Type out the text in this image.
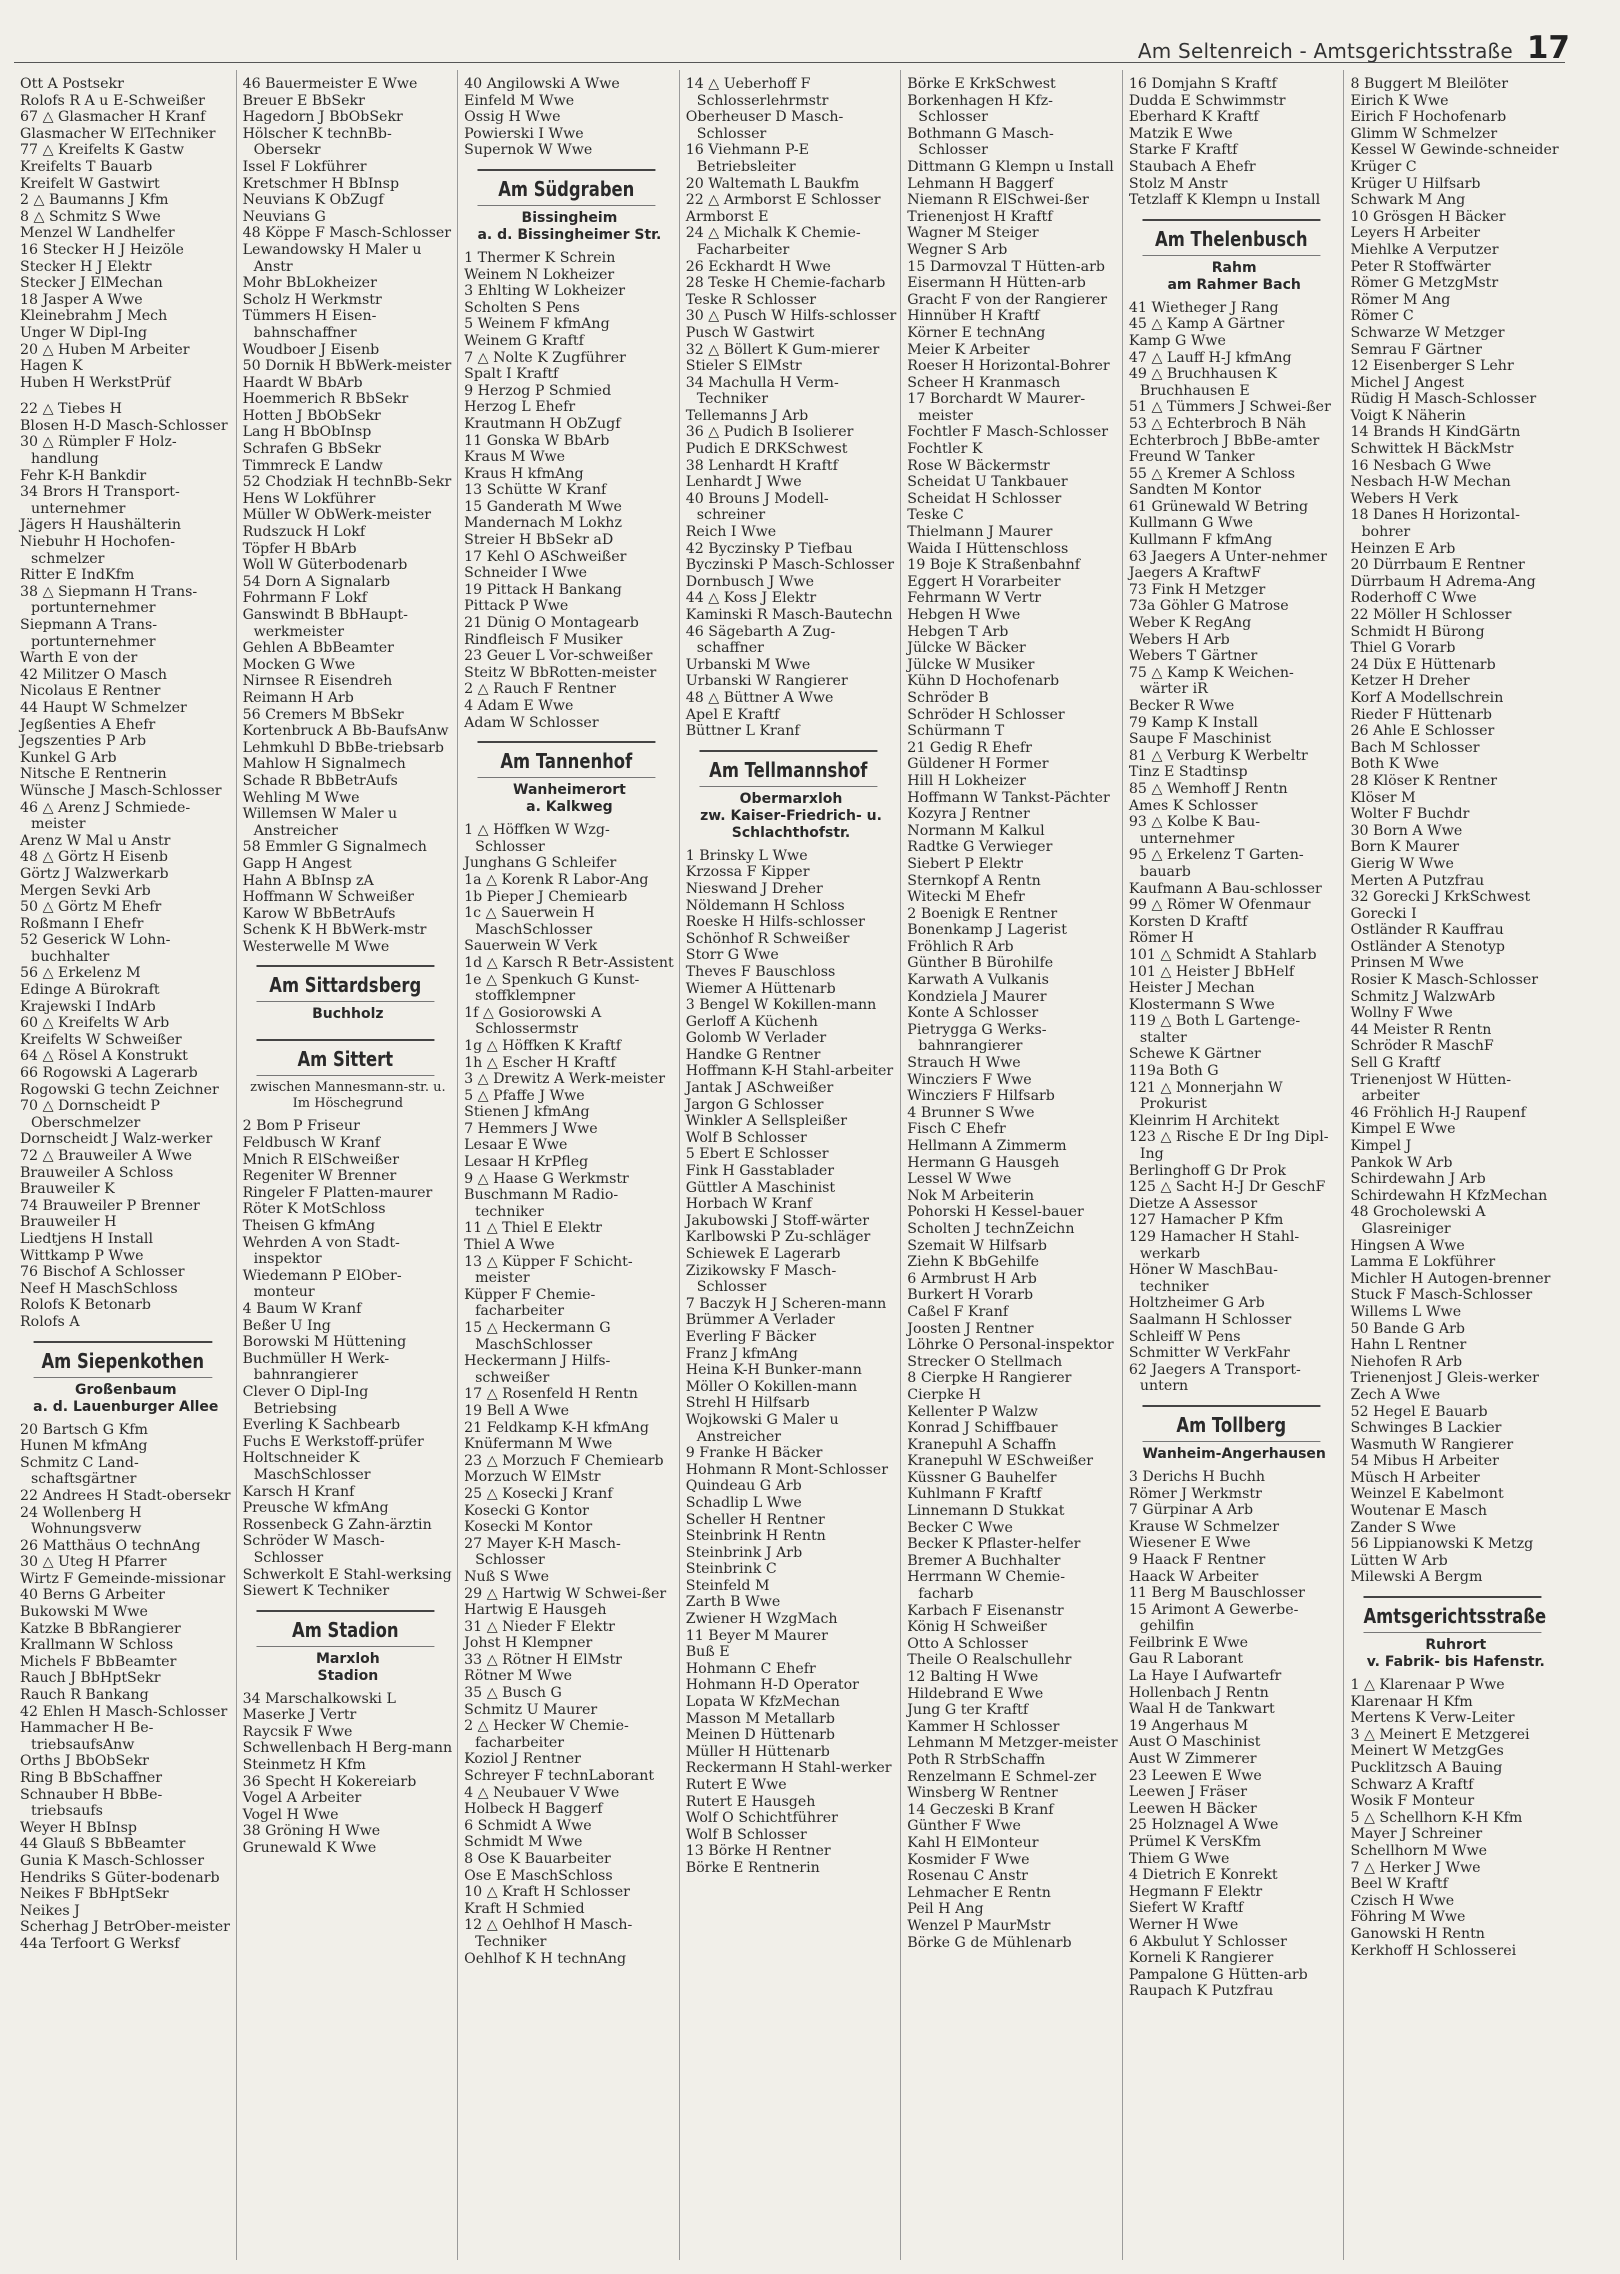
Am Seltenreich - Amtsgerichtsstraße 17
Ott A Postsekr
Rolofs R A u E-Schweißer
67 △ Glasmacher H Kranf
Glasmacher W ElTechniker
77 △ Kreifelts K Gastw
Kreifelts T Bauarb
Kreifelt W Gastwirt
2 △ Baumanns J Kfm
8 △ Schmitz S Wwe
Menzel W Landhelfer
16 Stecker H J Heizöle
Stecker H J Elektr
Stecker J ElMechan
18 Jasper A Wwe
Kleinebrahm J Mech
Unger W Dipl-Ing
20 △ Huben M Arbeiter
Hagen K
Huben H WerkstPrüf
22 △ Tiebes H
Blosen H-D Masch-Schlosser
30 △ Rümpler F Holz-handlung
Fehr K-H Bankdir
34 Brors H Transport-unternehmer
Jägers H Haushälterin
Niebuhr H Hochofen-schmelzer
Ritter E IndKfm
38 △ Siepmann H Trans-portunternehmer
Siepmann A Trans-portunternehmer
Warth E von der
42 Militzer O Masch
Nicolaus E Rentner
44 Haupt W Schmelzer
Jegßenties A Ehefr
Jegszenties P Arb
Kunkel G Arb
Nitsche E Rentnerin
Wünsche J Masch-Schlosser
46 △ Arenz J Schmiede-meister
Arenz W Mal u Anstr
48 △ Görtz H Eisenb
Görtz J Walzwerkarb
Mergen Sevki Arb
50 △ Görtz M Ehefr
Roßmann I Ehefr
52 Geserick W Lohn-buchhalter
56 △ Erkelenz M
Edinge A Bürokraft
Krajewski I IndArb
60 △ Kreifelts W Arb
Kreifelts W Schweißer
64 △ Rösel A Konstrukt
66 Rogowski A Lagerarb
Rogowski G techn Zeichner
70 △ Dornscheidt P Oberschmelzer
Dornscheidt J Walz-werker
72 △ Brauweiler A Wwe
Brauweiler A Schloss
Brauweiler K
74 Brauweiler P Brenner
Brauweiler H
Liedtjens H Install
Wittkamp P Wwe
76 Bischof A Schlosser
Neef H MaschSchloss
Rolofs K Betonarb
Rolofs A
Am Siepenkothen
Großenbaum
a. d. Lauenburger Allee
20 Bartsch G Kfm
Hunen M kfmAng
Schmitz C Land-schaftsgärtner
22 Andrees H Stadt-obersekr
24 Wollenberg H Wohnungsverw
26 Matthäus O technAng
30 △ Uteg H Pfarrer
Wirtz F Gemeinde-missionar
40 Berns G Arbeiter
Bukowski M Wwe
Katzke B BbRangierer
Krallmann W Schloss
Michels F BbBeamter
Rauch J BbHptSekr
Rauch R Bankang
42 Ehlen H Masch-Schlosser
Hammacher H Be-triebsaufsAnw
Orths J BbObSekr
Ring B BbSchaffner
Schnauber H BbBe-triebsaufs
Weyer H BbInsp
44 Glauß S BbBeamter
Gunia K Masch-Schlosser
Hendriks S Güter-bodenarb
Neikes F BbHptSekr
Neikes J
Scherhag J BetrOber-meister
44a Terfoort G Werksf
46 Bauermeister E Wwe
Breuer E BbSekr
Hagedorn J BbObSekr
Hölscher K technBb-Obersekr
Issel F Lokführer
Kretschmer H BbInsp
Neuvians K ObZugf
Neuvians G
48 Köppe F Masch-Schlosser
Lewandowsky H Maler u Anstr
Mohr BbLokheizer
Scholz H Werkmstr
Tümmers H Eisen-bahnschaffner
Woudboer J Eisenb
50 Dornik H BbWerk-meister
Haardt W BbArb
Hoemmerich R BbSekr
Hotten J BbObSekr
Lang H BbObInsp
Schrafen G BbSekr
Timmreck E Landw
52 Chodziak H technBb-Sekr
Hens W Lokführer
Müller W ObWerk-meister
Rudszuck H Lokf
Töpfer H BbArb
Woll W Güterbodenarb
54 Dorn A Signalarb
Fohrmann F Lokf
Ganswindt B BbHaupt-werkmeister
Gehlen A BbBeamter
Mocken G Wwe
Nirnsee R Eisendreh
Reimann H Arb
56 Cremers M BbSekr
Kortenbruck A Bb-BaufsAnw
Lehmkuhl D BbBe-triebsarb
Mahlow H Signalmech
Schade R BbBetrAufs
Wehling M Wwe
Willemsen W Maler u Anstreicher
58 Emmler G Signalmech
Gapp H Angest
Hahn A BbInsp zA
Hoffmann W Schweißer
Karow W BbBetrAufs
Schenk K H BbWerk-mstr
Westerwelle M Wwe
Am Sittardsberg
Buchholz
Am Sittert
zwischen Mannesmann-str. u. Im Höschegrund
2 Bom P Friseur
Feldbusch W Kranf
Mnich R ElSchweißer
Regeniter W Brenner
Ringeler F Platten-maurer
Röter K MotSchloss
Theisen G kfmAng
Wehrden A von Stadt-inspektor
Wiedemann P ElOber-monteur
4 Baum W Kranf
Beßer U Ing
Borowski M Hüttening
Buchmüller H Werk-bahnrangierer
Clever O Dipl-Ing Betriebsing
Everling K Sachbearb
Fuchs E Werkstoff-prüfer
Holtschneider K MaschSchlosser
Karsch H Kranf
Preusche W kfmAng
Rossenbeck G Zahn-ärztin
Schröder W Masch-Schlosser
Schwerkolt E Stahl-werksing
Siewert K Techniker
Am Stadion
Marxloh
Stadion
34 Marschalkowski L
Maserke J Vertr
Raycsik F Wwe
Schwellenbach H Berg-mann
Steinmetz H Kfm
36 Specht H Kokereiarb
Vogel A Arbeiter
Vogel H Wwe
38 Gröning H Wwe
Grunewald K Wwe
40 Angilowski A Wwe
Einfeld M Wwe
Ossig H Wwe
Powierski I Wwe
Supernok W Wwe
Am Südgraben
Bissingheim
a. d. Bissingheimer Str.
1 Thermer K Schrein
Weinem N Lokheizer
3 Ehlting W Lokheizer
Scholten S Pens
5 Weinem F kfmAng
Weinem G Kraftf
7 △ Nolte K Zugführer
Spalt I Kraftf
9 Herzog P Schmied
Herzog L Ehefr
Krautmann H ObZugf
11 Gonska W BbArb
Kraus M Wwe
Kraus H kfmAng
13 Schütte W Kranf
15 Ganderath M Wwe
Mandernach M Lokhz
Streier H BbSekr aD
17 Kehl O ASchweißer
Schneider I Wwe
19 Pittack H Bankang
Pittack P Wwe
21 Dünig O Montagearb
Rindfleisch F Musiker
23 Geuer L Vor-schweißer
Steitz W BbRotten-meister
2 △ Rauch F Rentner
4 Adam E Wwe
Adam W Schlosser
Am Tannenhof
Wanheimerort
a. Kalkweg
1 △ Höffken W Wzg-Schlosser
Junghans G Schleifer
1a △ Korenk R Labor-Ang
1b Pieper J Chemiearb
1c △ Sauerwein H MaschSchlosser
Sauerwein W Verk
1d △ Karsch R Betr-Assistent
1e △ Spenkuch G Kunst-stoffklempner
1f △ Gosiorowski A Schlossermstr
1g △ Höffken K Kraftf
1h △ Escher H Kraftf
3 △ Drewitz A Werk-meister
5 △ Pfaffe J Wwe
Stienen J kfmAng
7 Hemmers J Wwe
Lesaar E Wwe
Lesaar H KrPfleg
9 △ Haase G Werkmstr
Buschmann M Radio-techniker
11 △ Thiel E Elektr
Thiel A Wwe
13 △ Küpper F Schicht-meister
Küpper F Chemie-facharbeiter
15 △ Heckermann G MaschSchlosser
Heckermann J Hilfs-schweißer
17 △ Rosenfeld H Rentn
19 Bell A Wwe
21 Feldkamp K-H kfmAng
Knüfermann M Wwe
23 △ Morzuch F Chemiearb
Morzuch W ElMstr
25 △ Kosecki J Kranf
Kosecki G Kontor
Kosecki M Kontor
27 Mayer K-H Masch-Schlosser
Nuß S Wwe
29 △ Hartwig W Schwei-ßer
Hartwig E Hausgeh
31 △ Nieder F Elektr
Johst H Klempner
33 △ Rötner H ElMstr
Rötner M Wwe
35 △ Busch G
Schmitz U Maurer
2 △ Hecker W Chemie-facharbeiter
Koziol J Rentner
Schreyer F technLaborant
4 △ Neubauer V Wwe
Holbeck H Baggerf
6 Schmidt A Wwe
Schmidt M Wwe
8 Ose K Bauarbeiter
Ose E MaschSchloss
10 △ Kraft H Schlosser
Kraft H Schmied
12 △ Oehlhof H Masch-Techniker
Oehlhof K H technAng
14 △ Ueberhoff F Schlosserlehrmstr
Oberheuser D Masch-Schlosser
16 Viehmann P-E Betriebsleiter
20 Waltemath L Baukfm
22 △ Armborst E Schlosser
Armborst E
24 △ Michalk K Chemie-Facharbeiter
26 Eckhardt H Wwe
28 Teske H Chemie-facharb
Teske R Schlosser
30 △ Pusch W Hilfs-schlosser
Pusch W Gastwirt
32 △ Böllert K Gum-mierer
Stieler S ElMstr
34 Machulla H Verm-Techniker
Tellemanns J Arb
36 △ Pudich B Isolierer
Pudich E DRKSchwest
38 Lenhardt H Kraftf
Lenhardt J Wwe
40 Brouns J Modell-schreiner
Reich I Wwe
42 Byczinsky P Tiefbau
Byczinski P Masch-Schlosser
Dornbusch J Wwe
44 △ Koss J Elektr
Kaminski R Masch-Bautechn
46 Sägebarth A Zug-schaffner
Urbanski M Wwe
Urbanski W Rangierer
48 △ Büttner A Wwe
Apel E Kraftf
Büttner L Kranf
Am Tellmannshof
Obermarxloh
zw. Kaiser-Friedrich- u. Schlachthofstr.
1 Brinsky L Wwe
Krzossa F Kipper
Nieswand J Dreher
Nöldemann H Schloss
Roeske H Hilfs-schlosser
Schönhof R Schweißer
Storr G Wwe
Theves F Bauschloss
Wiemer A Hüttenarb
3 Bengel W Kokillen-mann
Gerloff A Küchenh
Golomb W Verlader
Handke G Rentner
Hoffmann K-H Stahl-arbeiter
Jantak J ASchweißer
Jargon G Schlosser
Winkler A Sellspleißer
Wolf B Schlosser
5 Ebert E Schlosser
Fink H Gasstablader
Güttler A Maschinist
Horbach W Kranf
Jakubowski J Stoff-wärter
Karlbowski P Zu-schläger
Schiewek E Lagerarb
Zizikowsky F Masch-Schlosser
7 Baczyk H J Scheren-mann
Brümmer A Verlader
Everling F Bäcker
Franz J kfmAng
Heina K-H Bunker-mann
Möller O Kokillen-mann
Strehl H Hilfsarb
Wojkowski G Maler u Anstreicher
9 Franke H Bäcker
Hohmann R Mont-Schlosser
Quindeau G Arb
Schadlip L Wwe
Scheller H Rentner
Steinbrink H Rentn
Steinbrink J Arb
Steinbrink C
Steinfeld M
Zarth B Wwe
Zwiener H WzgMach
11 Beyer M Maurer
Buß E
Hohmann C Ehefr
Hohmann H-D Operator
Lopata W KfzMechan
Masson M Metallarb
Meinen D Hüttenarb
Müller H Hüttenarb
Reckermann H Stahl-werker
Rutert E Wwe
Rutert E Hausgeh
Wolf O Schichtführer
Wolf B Schlosser
13 Börke H Rentner
Börke E Rentnerin
Börke E KrkSchwest
Borkenhagen H Kfz-Schlosser
Bothmann G Masch-Schlosser
Dittmann G Klempn u Install
Lehmann H Baggerf
Niemann R ElSchwei-ßer
Trienenjost H Kraftf
Wagner M Steiger
Wegner S Arb
15 Darmovzal T Hütten-arb
Eisermann H Hütten-arb
Gracht F von der Rangierer
Hinnüber H Kraftf
Körner E technAng
Meier K Arbeiter
Roeser H Horizontal-Bohrer
Scheer H Kranmasch
17 Borchardt W Maurer-meister
Fochtler F Masch-Schlosser
Fochtler K
Rose W Bäckermstr
Scheidat U Tankbauer
Scheidat H Schlosser
Teske C
Thielmann J Maurer
Waida I Hüttenschloss
19 Boje K Straßenbahnf
Eggert H Vorarbeiter
Fehrmann W Vertr
Hebgen H Wwe
Hebgen T Arb
Jülcke W Bäcker
Jülcke W Musiker
Kühn D Hochofenarb
Schröder B
Schröder H Schlosser
Schürmann T
21 Gedig R Ehefr
Güldener H Former
Hill H Lokheizer
Hoffmann W Tankst-Pächter
Kozyra J Rentner
Normann M Kalkul
Radtke G Verwieger
Siebert P Elektr
Sternkopf A Rentn
Witecki M Ehefr
2 Boenigk E Rentner
Bonenkamp J Lagerist
Fröhlich R Arb
Günther B Bürohilfe
Karwath A Vulkanis
Kondziela J Maurer
Konte A Schlosser
Pietrygga G Werks-bahnrangierer
Strauch H Wwe
Wincziers F Wwe
Wincziers F Hilfsarb
4 Brunner S Wwe
Fisch C Ehefr
Hellmann A Zimmerm
Hermann G Hausgeh
Lessel W Wwe
Nok M Arbeiterin
Pohorski H Kessel-bauer
Scholten J technZeichn
Szemait W Hilfsarb
Ziehn K BbGehilfe
6 Armbrust H Arb
Burkert H Vorarb
Caßel F Kranf
Joosten J Rentner
Löhrke O Personal-inspektor
Strecker O Stellmach
8 Cierpke H Rangierer
Cierpke H
Kellenter P Walzw
Konrad J Schiffbauer
Kranepuhl A Schaffn
Kranepuhl W ESchweißer
Küssner G Bauhelfer
Kuhlmann F Kraftf
Linnemann D Stukkat
Becker C Wwe
Becker K Pflaster-helfer
Bremer A Buchhalter
Herrmann W Chemie-facharb
Karbach F Eisenanstr
König H Schweißer
Otto A Schlosser
Theile O Realschullehr
12 Balting H Wwe
Hildebrand E Wwe
Jung G ter Kraftf
Kammer H Schlosser
Lehmann M Metzger-meister
Poth R StrbSchaffn
Renzelmann E Schmel-zer
Winsberg W Rentner
14 Geczeski B Kranf
Günther F Wwe
Kahl H ElMonteur
Kosmider F Wwe
Rosenau C Anstr
Lehmacher E Rentn
Peil H Ang
Wenzel P MaurMstr
Börke G de Mühlenarb
16 Domjahn S Kraftf
Dudda E Schwimmstr
Eberhard K Kraftf
Matzik E Wwe
Starke F Kraftf
Staubach A Ehefr
Stolz M Anstr
Tetzlaff K Klempn u Install
Am Thelenbusch
Rahm
am Rahmer Bach
41 Wietheger J Rang
45 △ Kamp A Gärtner
Kamp G Wwe
47 △ Lauff H-J kfmAng
49 △ Bruchhausen K Bruchhausen E
51 △ Tümmers J Schwei-ßer
53 △ Echterbroch B Näh
Echterbroch J BbBe-amter
Freund W Tanker
55 △ Kremer A Schloss
Sandten M Kontor
61 Grünewald W Betring
Kullmann G Wwe
Kullmann F kfmAng
63 Jaegers A Unter-nehmer
Jaegers A KraftwF
73 Fink H Metzger
73a Göhler G Matrose
Weber K RegAng
Webers H Arb
Webers T Gärtner
75 △ Kamp K Weichen-wärter iR
Becker R Wwe
79 Kamp K Install
Saupe F Maschinist
81 △ Verburg K Werbeltr
Tinz E Stadtinsp
85 △ Wemhoff J Rentn
Ames K Schlosser
93 △ Kolbe K Bau-unternehmer
95 △ Erkelenz T Garten-bauarb
Kaufmann A Bau-schlosser
99 △ Römer W Ofenmaur
Korsten D Kraftf
Römer H
101 △ Schmidt A Stahlarb
101 △ Heister J BbHelf
Heister J Mechan
Klostermann S Wwe
119 △ Both L Gartenge-stalter
Schewe K Gärtner
119a Both G
121 △ Monnerjahn W Prokurist
Kleinrim H Architekt
123 △ Rische E Dr Ing Dipl-Ing
Berlinghoff G Dr Prok
125 △ Sacht H-J Dr GeschF
Dietze A Assessor
127 Hamacher P Kfm
129 Hamacher H Stahl-werkarb
Höner W MaschBau-techniker
Holtzheimer G Arb
Saalmann H Schlosser
Schleiff W Pens
Schmitter W VerkFahr
62 Jaegers A Transport-untern
Am Tollberg
Wanheim-Angerhausen
3 Derichs H Buchh
Römer J Werkmstr
7 Gürpinar A Arb
Krause W Schmelzer
Wiesener E Wwe
9 Haack F Rentner
Haack W Arbeiter
11 Berg M Bauschlosser
15 Arimont A Gewerbe-gehilfin
Feilbrink E Wwe
Gau R Laborant
La Haye I Aufwartefr
Hollenbach J Rentn
Waal H de Tankwart
19 Angerhaus M
Aust O Maschinist
Aust W Zimmerer
23 Leewen E Wwe
Leewen J Fräser
Leewen H Bäcker
25 Holznagel A Wwe
Prümel K VersKfm
Thiem G Wwe
4 Dietrich E Konrekt
Hegmann F Elektr
Siefert W Kraftf
Werner H Wwe
6 Akbulut Y Schlosser
Korneli K Rangierer
Pampalone G Hütten-arb
Raupach K Putzfrau
8 Buggert M Bleilöter
Eirich K Wwe
Eirich F Hochofenarb
Glimm W Schmelzer
Kessel W Gewinde-schneider
Krüger C
Krüger U Hilfsarb
Schwark M Ang
10 Grösgen H Bäcker
Leyers H Arbeiter
Miehlke A Verputzer
Peter R Stoffwärter
Römer G MetzgMstr
Römer M Ang
Römer C
Schwarze W Metzger
Semrau F Gärtner
12 Eisenberger S Lehr
Michel J Angest
Rüdig H Masch-Schlosser
Voigt K Näherin
14 Brands H KindGärtn
Schwittek H BäckMstr
16 Nesbach G Wwe
Nesbach H-W Mechan
Webers H Verk
18 Danes H Horizontal-bohrer
Heinzen E Arb
20 Dürrbaum E Rentner
Dürrbaum H Adrema-Ang
Roderhoff C Wwe
22 Möller H Schlosser
Schmidt H Bürong
Thiel G Vorarb
24 Düx E Hüttenarb
Ketzer H Dreher
Korf A Modellschrein
Rieder F Hüttenarb
26 Ahle E Schlosser
Bach M Schlosser
Both K Wwe
28 Klöser K Rentner
Klöser M
Wolter F Buchdr
30 Born A Wwe
Born K Maurer
Gierig W Wwe
Merten A Putzfrau
32 Gorecki J KrkSchwest
Gorecki I
Ostländer R Kauffrau
Ostländer A Stenotyp
Prinsen M Wwe
Rosier K Masch-Schlosser
Schmitz J WalzwArb
Wollny F Wwe
44 Meister R Rentn
Schröder R MaschF
Sell G Kraftf
Trienenjost W Hütten-arbeiter
46 Fröhlich H-J Raupenf
Kimpel E Wwe
Kimpel J
Pankok W Arb
Schirdewahn J Arb
Schirdewahn H KfzMechan
48 Grocholewski A Glasreiniger
Hingsen A Wwe
Lamma E Lokführer
Michler H Autogen-brenner
Stuck F Masch-Schlosser
Willems L Wwe
50 Bande G Arb
Hahn L Rentner
Niehofen R Arb
Trienenjost J Gleis-werker
Zech A Wwe
52 Hegel E Bauarb
Schwinges B Lackier
Wasmuth W Rangierer
54 Mibus H Arbeiter
Müsch H Arbeiter
Weinzel E Kabelmont
Woutenar E Masch
Zander S Wwe
56 Lippianowski K Metzg
Lütten W Arb
Milewski A Bergm
Amtsgerichtsstraße
Ruhrort
v. Fabrik- bis Hafenstr.
1 △ Klarenaar P Wwe
Klarenaar H Kfm
Mertens K Verw-Leiter
3 △ Meinert E Metzgerei
Meinert W MetzgGes
Pucklitzsch A Bauing
Schwarz A Kraftf
Wosik F Monteur
5 △ Schellhorn K-H Kfm
Mayer J Schreiner
Schellhorn M Wwe
7 △ Herker J Wwe
Beel W Kraftf
Czisch H Wwe
Föhring M Wwe
Ganowski H Rentn
Kerkhoff H Schlosserei
